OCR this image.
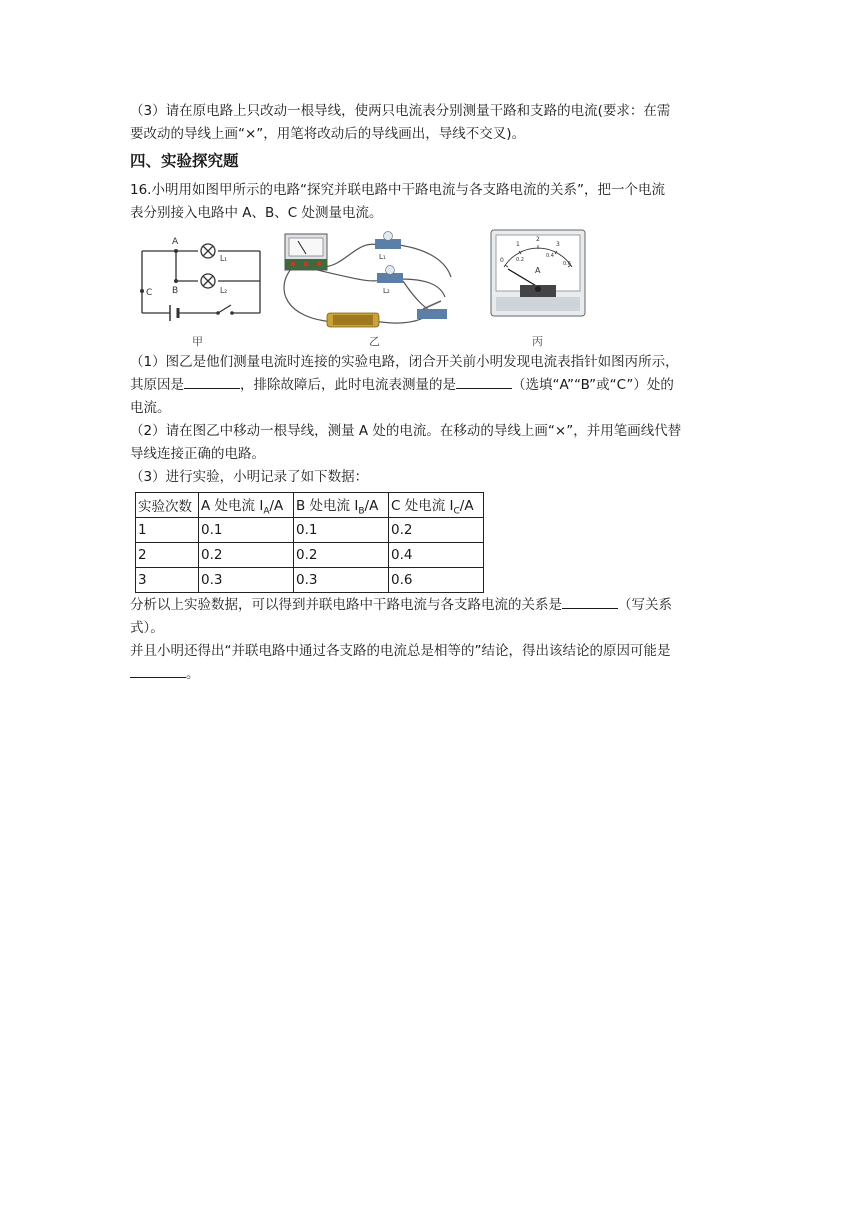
（3）请在原电路上只改动一根导线，使两只电流表分别测量干路和支路的电流(要求：在需

要改动的导线上画“×”，用笔将改动后的导线画出，导线不交叉)。

四、实验探究题

16.小明用如图甲所示的电路“探究并联电路中干路电流与各支路电流的关系”，把一个电流

表分别接入电路中 A、B、C 处测量电流。

A
B
C
L₁
L₂
甲
L₁
L₂
乙
0
1
2
3
0.2
0.4
0.6
A
丙

（1）图乙是他们测量电流时连接的实验电路，闭合开关前小明发现电流表指针如图丙所示，

其原因是	，排除故障后，此时电流表测量的是	（选填“A”“B”或“C”）处的

电流。

（2）请在图乙中移动一根导线，测量 A 处的电流。在移动的导线上画“×”，并用笔画线代替

导线连接正确的电路。

（3）进行实验，小明记录了如下数据：

实验次数	A 处电流 $I_A/A$	B 处电流 $I_B/A$	C 处电流 $I_C/A$
1	0.1	0.1	0.2
2	0.2	0.2	0.4
3	0.3	0.3	0.6

分析以上实验数据，可以得到并联电路中干路电流与各支路电流的关系是	（写关系

式）。

并且小明还得出“并联电路中通过各支路的电流总是相等的”结论，得出该结论的原因可能是

。
